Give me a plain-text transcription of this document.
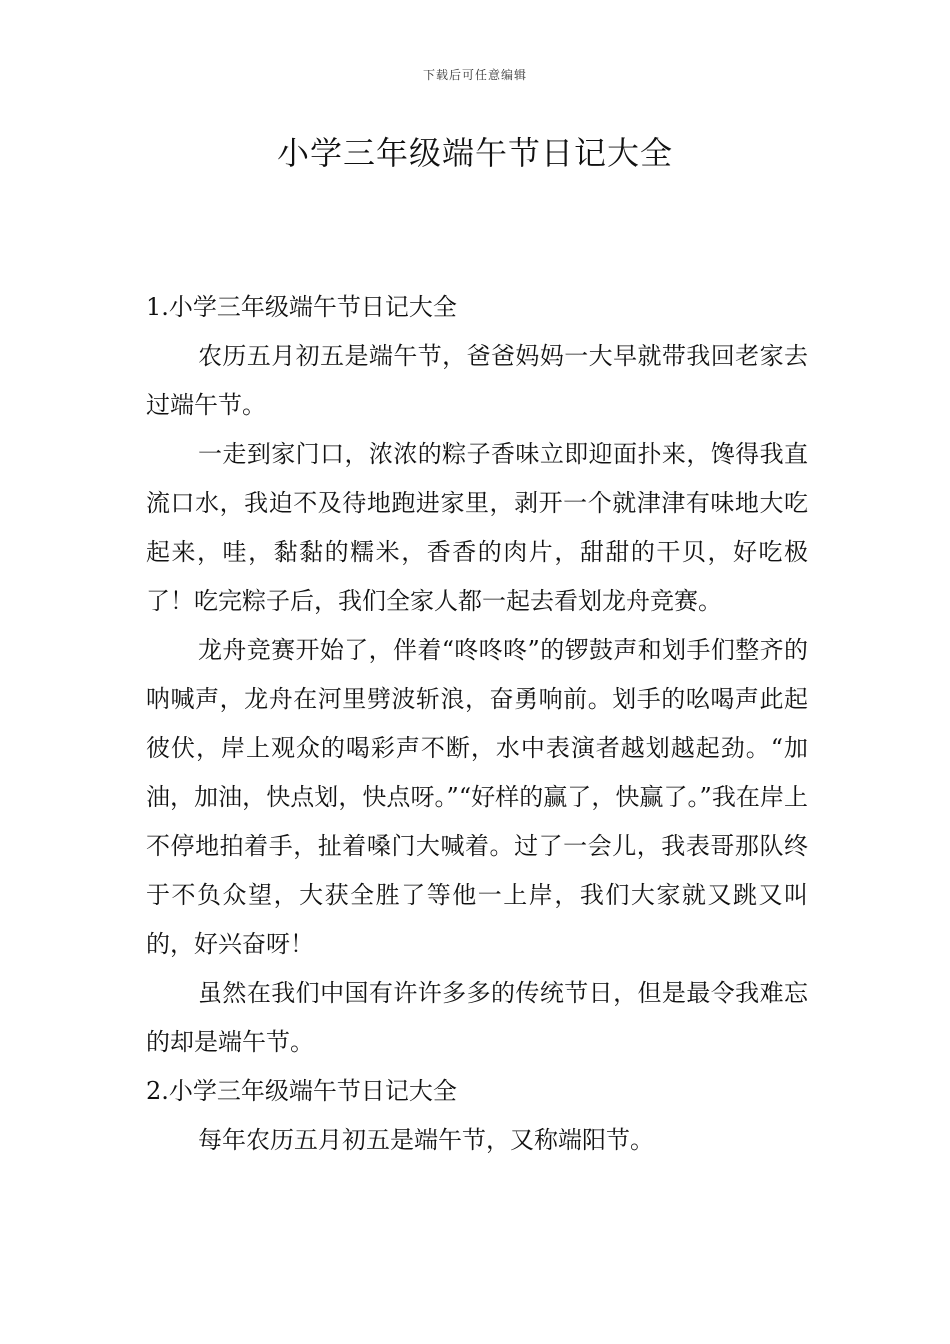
下载后可任意编辑
小学三年级端午节日记大全

1.小学三年级端午节日记大全

农历五月初五是端午节，爸爸妈妈一大早就带我回老家去过端午节。

一走到家门口，浓浓的粽子香味立即迎面扑来，馋得我直流口水，我迫不及待地跑进家里，剥开一个就津津有味地大吃起来，哇，黏黏的糯米，香香的肉片，甜甜的干贝，好吃极了！吃完粽子后，我们全家人都一起去看划龙舟竞赛。

龙舟竞赛开始了，伴着“咚咚咚”的锣鼓声和划手们整齐的呐喊声，龙舟在河里劈波斩浪，奋勇响前。划手的吆喝声此起彼伏，岸上观众的喝彩声不断，水中表演者越划越起劲。“加油，加油，快点划，快点呀。”“好样的赢了，快赢了。”我在岸上不停地拍着手，扯着嗓门大喊着。过了一会儿，我表哥那队终于不负众望，大获全胜了等他一上岸，我们大家就又跳又叫的，好兴奋呀！

虽然在我们中国有许许多多的传统节日，但是最令我难忘的却是端午节。

2.小学三年级端午节日记大全

每年农历五月初五是端午节，又称端阳节。
